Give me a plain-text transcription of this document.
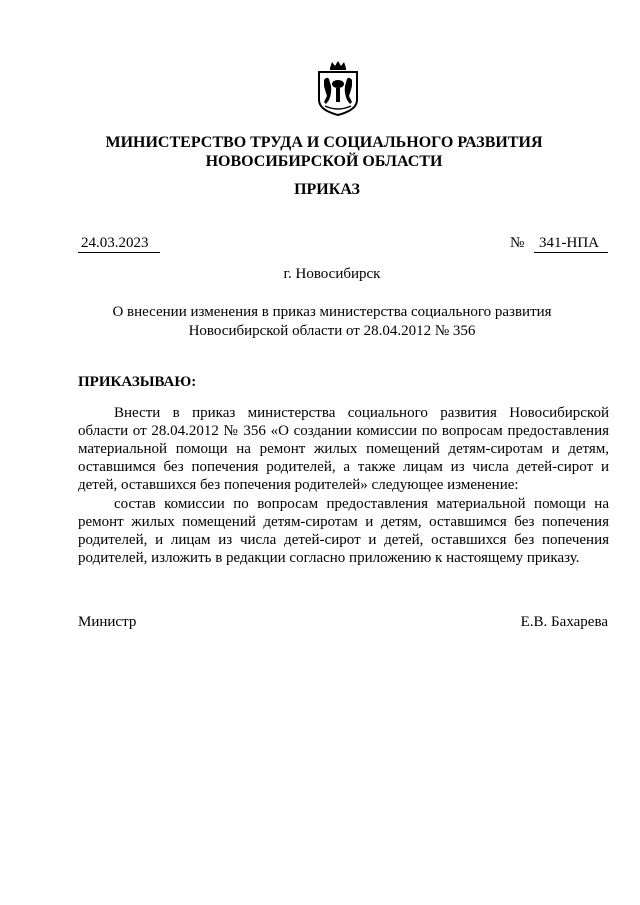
МИНИСТЕРСТВО ТРУДА И СОЦИАЛЬНОГО РАЗВИТИЯ
НОВОСИБИРСКОЙ ОБЛАСТИ
ПРИКАЗ
24.03.2023	№ 341-НПА
г. Новосибирск
О внесении изменения в приказ министерства социального развития
Новосибирской области от 28.04.2012 № 356
ПРИКАЗЫВАЮ:

Внести в приказ министерства социального развития Новосибирской области от 28.04.2012 № 356 «О создании комиссии по вопросам предоставления материальной помощи на ремонт жилых помещений детям-сиротам и детям, оставшимся без попечения родителей, а также лицам из числа детей-сирот и детей, оставшихся без попечения родителей» следующее изменение:

состав комиссии по вопросам предоставления материальной помощи на ремонт жилых помещений детям-сиротам и детям, оставшимся без попечения родителей, и лицам из числа детей-сирот и детей, оставшихся без попечения родителей, изложить в редакции согласно приложению к настоящему приказу.

Министр	Е.В. Бахарева
